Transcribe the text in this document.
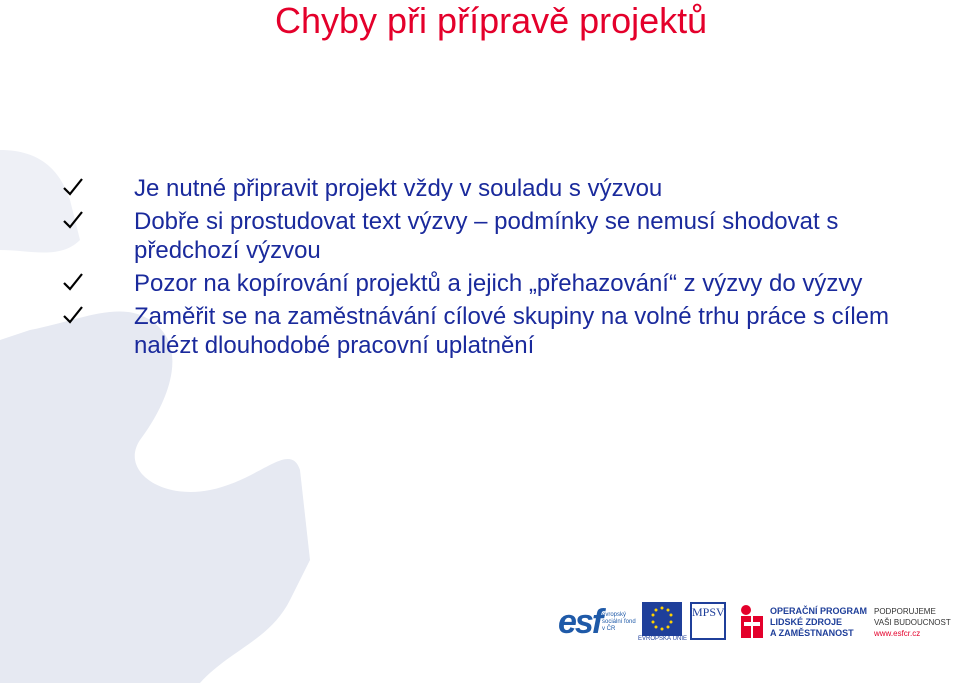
Chyby při přípravě projektů
Je nutné připravit projekt vždy v souladu s výzvou
Dobře si prostudovat text výzvy – podmínky se nemusí shodovat s předchozí výzvou
Pozor na kopírování projektů a jejich „přehazování“ z výzvy do výzvy
Zaměřit se na zaměstnávání cílové skupiny na volné trhu práce s cílem nalézt dlouhodobé pracovní uplatnění
esf evropský sociální fond v ČR
EVROPSKÁ UNIE
MPSV	OPERAČNÍ PROGRAM
LIDSKÉ ZDROJE
A ZAMĚSTNANOST
PODPORUJEME
VAŠI BUDOUCNOST
www.esfcr.cz
